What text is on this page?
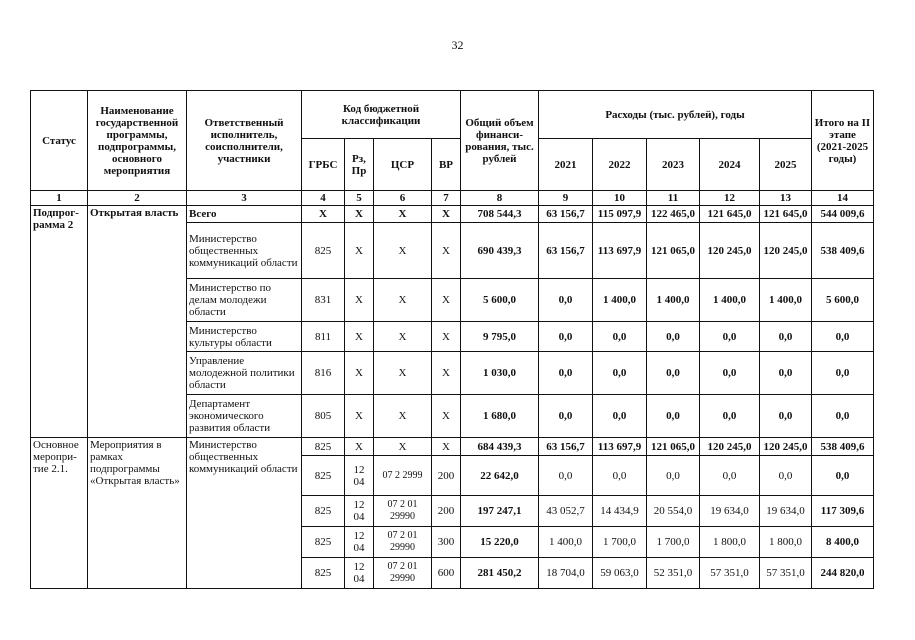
32
Статус	Наименование государственной программы, подпрограммы, основного мероприятия	Ответственный исполнитель, соисполнители, участники	Код бюджетной классификации				Общий объем финанси-рования, тыс. рублей	Расходы (тыс. рублей), годы					Итого на II этапе (2021-2025 годы)
			ГРБС	Рз, Пр	ЦСР	ВР		2021	2022	2023	2024	2025	
1	2	3	4	5	6	7	8	9	10	11	12	13	14
Подпрог-рамма 2	Открытая власть	Всего	Х	Х	Х	Х	708 544,3	63 156,7	115 097,9	122 465,0	121 645,0	121 645,0	544 009,6
		Министерство общественных коммуникаций области	825	Х	Х	Х	690 439,3	63 156,7	113 697,9	121 065,0	120 245,0	120 245,0	538 409,6
		Министерство по делам молодежи области	831	Х	Х	Х	5 600,0	0,0	1 400,0	1 400,0	1 400,0	1 400,0	5 600,0
		Министерство культуры области	811	Х	Х	Х	9 795,0	0,0	0,0	0,0	0,0	0,0	0,0
		Управление молодежной политики области	816	Х	Х	Х	1 030,0	0,0	0,0	0,0	0,0	0,0	0,0
		Департамент экономического развития области	805	Х	Х	Х	1 680,0	0,0	0,0	0,0	0,0	0,0	0,0
Основное меропри-тие 2.1.	Мероприятия в рамках подпрограммы «Открытая власть»	Министерство общественных коммуникаций области	825	Х	Х	Х	684 439,3	63 156,7	113 697,9	121 065,0	120 245,0	120 245,0	538 409,6
			825	12 04	07 2 2999	200	22 642,0	0,0	0,0	0,0	0,0	0,0	0,0
			825	12 04	07 2 01 29990	200	197 247,1	43 052,7	14 434,9	20 554,0	19 634,0	19 634,0	117 309,6
			825	12 04	07 2 01 29990	300	15 220,0	1 400,0	1 700,0	1 700,0	1 800,0	1 800,0	8 400,0
			825	12 04	07 2 01 29990	600	281 450,2	18 704,0	59 063,0	52 351,0	57 351,0	57 351,0	244 820,0
